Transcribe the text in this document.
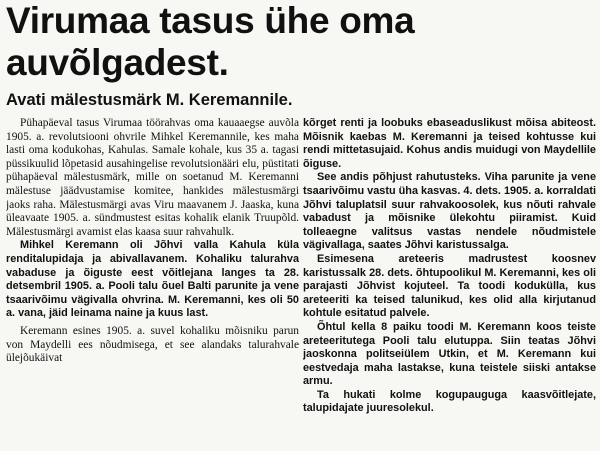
Virumaa tasus ühe oma auvõlgadest.
Avati mälestusmärk M. Keremannile.

Pühapäeval tasus Virumaa töörahvas oma kauaaegse auvõla 1905. a. revolutsiooni ohvrile Mihkel Keremannile, kes maha lasti oma kodukohas, Kahulas. Samale kohale, kus 35 a. tagasi püssikuulid lõpetasid ausahingelise revolutsionääri elu, püstitati pühapäeval mälestusmärk, mille on soetanud M. Keremanni mälestuse jäädvustamise komitee, hankides mälestusmärgi jaoks raha. Mälestusmärgi avas Viru maavanem J. Jaaska, kuna üleavaate 1905. a. sündmustest esitas kohalik elanik Truupõld. Mälestusmärgi avamist elas kaasa suur rahvahulk.

Mihkel Keremann oli Jõhvi valla Kahula küla renditalupidaja ja abivallavanem. Kohaliku talurahva vabaduse ja õiguste eest võitlejana langes ta 28. detsembril 1905. a. Pooli talu õuel Balti parunite ja vene tsaarivõimu vägivalla ohvrina. M. Keremanni, kes oli 50 a. vana, jäid leinama naine ja kuus last.

Keremann esines 1905. a. suvel kohaliku mõisniku parun von Maydelli ees nõudmisega, et see alandaks talurahvale ülejõukäivat

kõrget renti ja loobuks ebaseaduslikust mõisa abiteost. Mõisnik kaebas M. Keremanni ja teised kohtusse kui rendi mittetasujaid. Kohus andis muidugi von Maydellile õiguse.

See andis põhjust rahutusteks. Viha parunite ja vene tsaarivõimu vastu üha kasvas. 4. dets. 1905. a. korraldati Jõhvi taluplatsil suur rahvakoosolek, kus nõuti rahvale vabadust ja mõisnike ülekohtu piiramist. Kuid tolleaegne valitsus vastas nendele nõudmistele vägivallaga, saates Jõhvi karistussalga.

Esimesena areteeris madrustest koosnev karistussalk 28. dets. õhtupoolikul M. Keremanni, kes oli parajasti Jõhvist kojuteel. Ta toodi kodukülla, kus areteeriti ka teised talunikud, kes olid alla kirjutanud kohtule esitatud palvele.

Õhtul kella 8 paiku toodi M. Keremann koos teiste areteeritutega Pooli talu elutuppa. Siin teatas Jõhvi jaoskonna politseiülem Utkin, et M. Keremann kui eestvedaja maha lastakse, kuna teistele siiski antakse armu.

Ta hukati kolme kogupauguga kaasvõitlejate, talupidajate juuresolekul.
